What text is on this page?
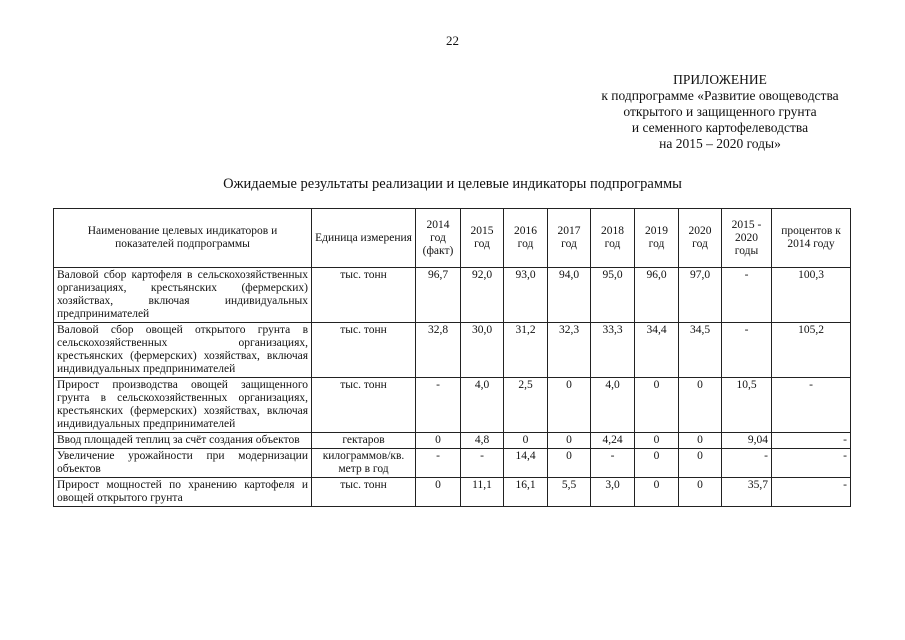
22
ПРИЛОЖЕНИЕ
к подпрограмме «Развитие овощеводства
открытого и защищенного грунта
и семенного картофелеводства
на 2015 – 2020 годы»
Ожидаемые результаты реализации и целевые индикаторы подпрограммы
Наименование целевых индикаторов и показателей подпрограммы	Единица измерения	2014 год (факт)	2015 год	2016 год	2017 год	2018 год	2019 год	2020 год	2015 - 2020 годы	процентов к 2014 году
Валовой сбор картофеля в сельскохозяйственных организациях, крестьянских (фермерских) хозяйствах, включая индивидуальных предпринимателей	тыс. тонн	96,7	92,0	93,0	94,0	95,0	96,0	97,0	-	100,3
Валовой сбор овощей открытого грунта в сельскохозяйственных организациях, крестьянских (фермерских) хозяйствах, включая индивидуальных предпринимателей	тыс. тонн	32,8	30,0	31,2	32,3	33,3	34,4	34,5	-	105,2
Прирост производства овощей защищенного грунта в сельскохозяйственных организациях, крестьянских (фермерских) хозяйствах, включая индивидуальных предпринимателей	тыс. тонн	-	4,0	2,5	0	4,0	0	0	10,5	-
Ввод площадей теплиц за счёт создания объектов	гектаров	0	4,8	0	0	4,24	0	0	9,04	-
Увеличение урожайности при модернизации объектов	килограммов/кв. метр в год	-	-	14,4	0	-	0	0	-	-
Прирост мощностей по хранению картофеля и овощей открытого грунта	тыс. тонн	0	11,1	16,1	5,5	3,0	0	0	35,7	-
